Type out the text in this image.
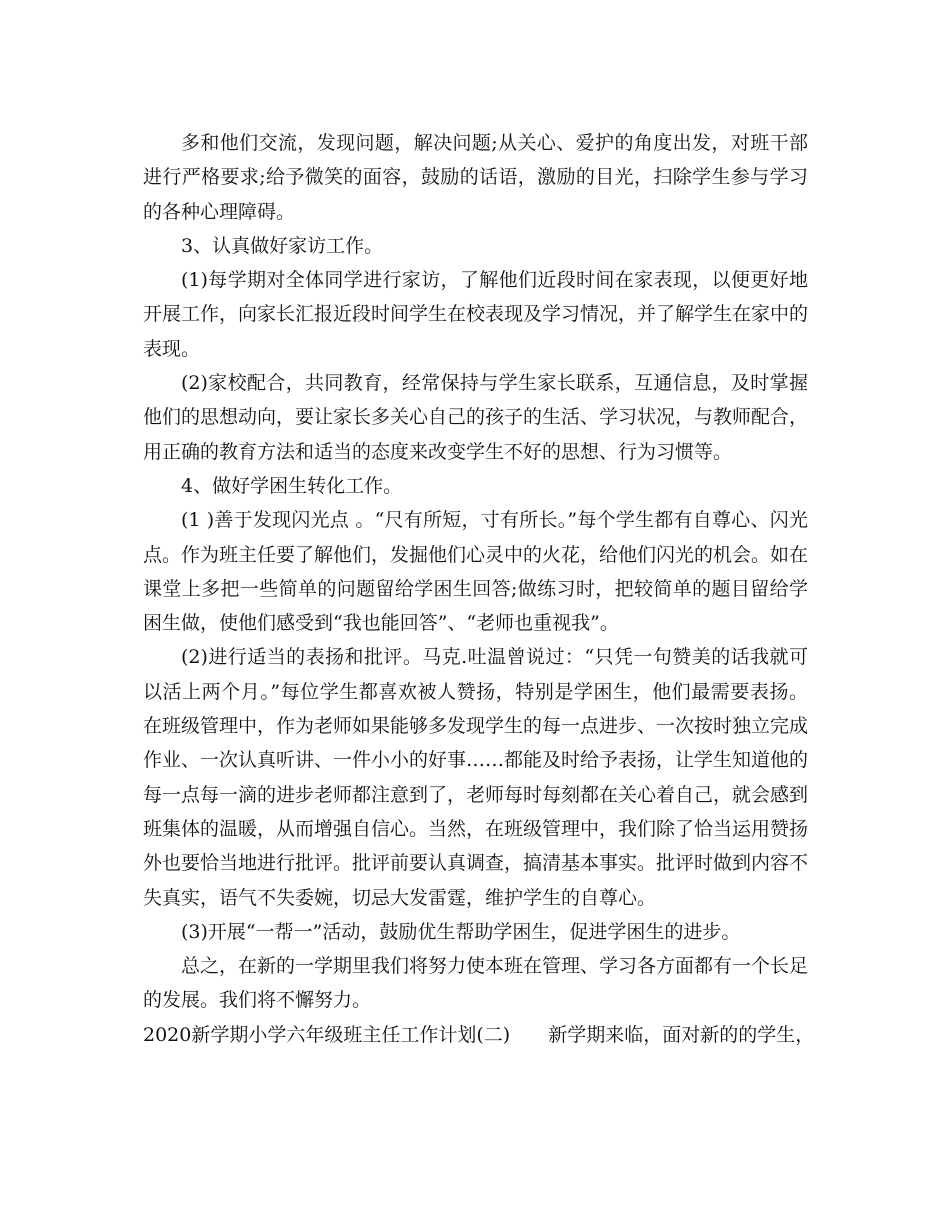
多和他们交流，发现问题，解决问题;从关心、爱护的角度出发，对班干部进行严格要求;给予微笑的面容，鼓励的话语，激励的目光，扫除学生参与学习的各种心理障碍。

3、认真做好家访工作。

(1)每学期对全体同学进行家访，了解他们近段时间在家表现，以便更好地开展工作，向家长汇报近段时间学生在校表现及学习情况，并了解学生在家中的表现。

(2)家校配合，共同教育，经常保持与学生家长联系，互通信息，及时掌握他们的思想动向，要让家长多关心自己的孩子的生活、学习状况，与教师配合，用正确的教育方法和适当的态度来改变学生不好的思想、行为习惯等。

4、做好学困生转化工作。

(1 )善于发现闪光点 。“尺有所短，寸有所长。”每个学生都有自尊心、闪光点。作为班主任要了解他们，发掘他们心灵中的火花，给他们闪光的机会。如在课堂上多把一些简单的问题留给学困生回答;做练习时，把较简单的题目留给学困生做，使他们感受到“我也能回答”、“老师也重视我”。

(2)进行适当的表扬和批评。马克.吐温曾说过：“只凭一句赞美的话我就可以活上两个月。”每位学生都喜欢被人赞扬，特别是学困生，他们最需要表扬。在班级管理中，作为老师如果能够多发现学生的每一点进步、一次按时独立完成作业、一次认真听讲、一件小小的好事……都能及时给予表扬，让学生知道他的每一点每一滴的进步老师都注意到了，老师每时每刻都在关心着自己，就会感到班集体的温暖，从而增强自信心。当然，在班级管理中，我们除了恰当运用赞扬外也要恰当地进行批评。批评前要认真调查，搞清基本事实。批评时做到内容不失真实，语气不失委婉，切忌大发雷霆，维护学生的自尊心。

(3)开展“一帮一”活动，鼓励优生帮助学困生，促进学困生的进步。

总之，在新的一学期里我们将努力使本班在管理、学习各方面都有一个长足的发展。我们将不懈努力。

2020新学期小学六年级班主任工作计划(二) 新学期来临，面对新的的学生，
